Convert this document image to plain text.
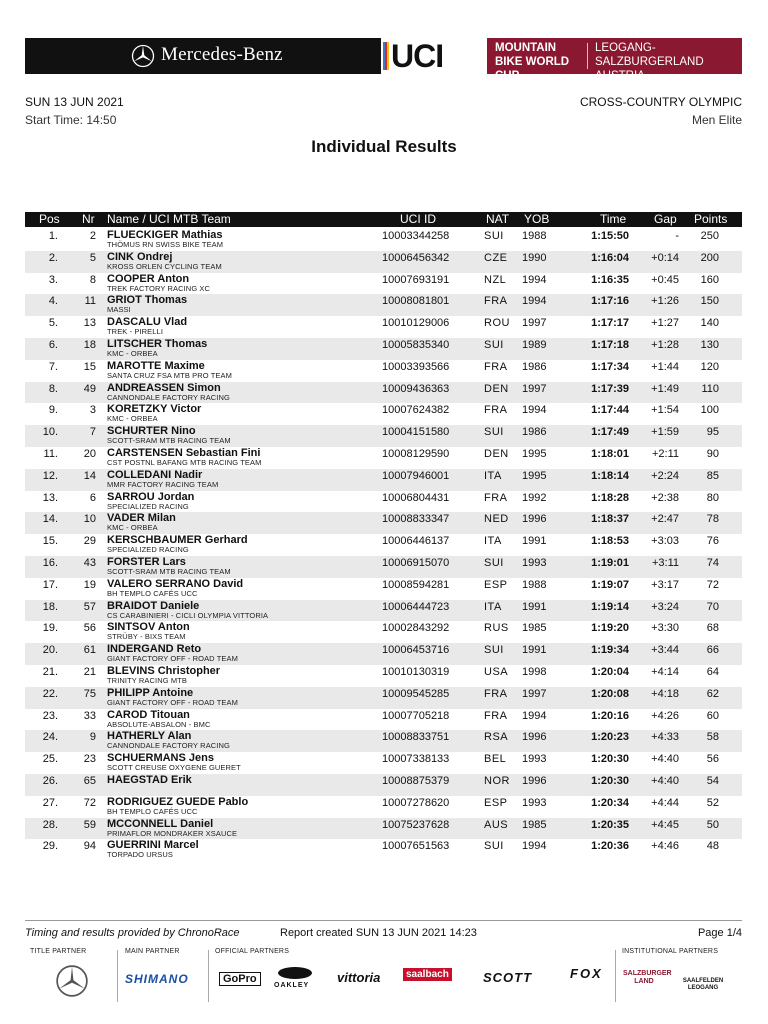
Mercedes-Benz	UCI	MOUNTAIN BIKE WORLD CUP
LEOGANG-SALZBURGERLAND AUSTRIA
SUN 13 JUN 2021
Start Time: 14:50
CROSS-COUNTRY OLYMPIC
Men Elite
Individual Results
Pos Nr Name / UCI MTB Team	UCI ID	NAT YOB	Time Gap Points
1.	2 FLUECKIGER Mathias
THÖMUS RN SWISS BIKE TEAM
10003344258	SUI 1988	1:15:50	- 250
2.	5 CINK Ondrej
KROSS ORLEN CYCLING TEAM
10006456342	CZE 1990	1:16:04 +0:14 200
3.	8 COOPER Anton
TREK FACTORY RACING XC
10007693191	NZL 1994	1:16:35 +0:45 160
4. 11 GRIOT Thomas
MASSI
10008081801	FRA 1994	1:17:16 +1:26 150
5. 13 DASCALU Vlad
TREK - PIRELLI
10010129006	ROU 1997	1:17:17 +1:27 140
6. 18 LITSCHER Thomas
KMC - ORBEA
10005835340	SUI 1989	1:17:18 +1:28 130
7. 15 MAROTTE Maxime
SANTA CRUZ FSA MTB PRO TEAM
10003393566	FRA 1986	1:17:34 +1:44 120
8. 49 ANDREASSEN Simon
CANNONDALE FACTORY RACING
10009436363	DEN 1997	1:17:39 +1:49 110
9.	3 KORETZKY Victor
KMC - ORBEA
10007624382	FRA 1994	1:17:44 +1:54 100
10.	7 SCHURTER Nino
SCOTT-SRAM MTB RACING TEAM
10004151580	SUI 1986	1:17:49 +1:59	95
11. 20 CARSTENSEN Sebastian Fini
CST POSTNL BAFANG MTB RACING TEAM
10008129590	DEN 1995	1:18:01 +2:11	90
12. 14 COLLEDANI Nadir
MMR FACTORY RACING TEAM
10007946001	ITA 1995	1:18:14 +2:24	85
13.	6 SARROU Jordan
SPECIALIZED RACING
10006804431	FRA 1992	1:18:28 +2:38	80
14. 10 VADER Milan
KMC - ORBEA
10008833347	NED 1996	1:18:37 +2:47	78
15. 29 KERSCHBAUMER Gerhard
SPECIALIZED RACING
10006446137	ITA 1991	1:18:53 +3:03	76
16. 43 FORSTER Lars
SCOTT-SRAM MTB RACING TEAM
10006915070	SUI 1993	1:19:01 +3:11	74
17. 19 VALERO SERRANO David
BH TEMPLO CAFÉS UCC
10008594281	ESP 1988	1:19:07 +3:17	72
18. 57 BRAIDOT Daniele
CS CARABINIERI - CICLI OLYMPIA VITTORIA
10006444723	ITA 1991	1:19:14 +3:24	70
19. 56 SINTSOV Anton
STRÜBY - BIXS TEAM
10002843292	RUS 1985	1:19:20 +3:30	68
20. 61 INDERGAND Reto
GIANT FACTORY OFF - ROAD TEAM
10006453716	SUI 1991	1:19:34 +3:44	66
21. 21 BLEVINS Christopher
TRINITY RACING MTB
10010130319	USA 1998	1:20:04 +4:14	64
22. 75 PHILIPP Antoine
GIANT FACTORY OFF - ROAD TEAM
10009545285	FRA 1997	1:20:08 +4:18	62
23. 33 CAROD Titouan
ABSOLUTE-ABSALON - BMC
10007705218	FRA 1994	1:20:16 +4:26	60
24.	9 HATHERLY Alan
CANNONDALE FACTORY RACING
10008833751	RSA 1996	1:20:23 +4:33	58
25. 23 SCHUERMANS Jens
SCOTT CREUSE OXYGENE GUERET
10007338133	BEL 1993	1:20:30 +4:40	56
26. 65 HAEGSTAD Erik	10008875379	NOR 1996	1:20:30 +4:40	54
27. 72 RODRIGUEZ GUEDE Pablo
BH TEMPLO CAFÉS UCC
10007278620	ESP 1993	1:20:34 +4:44	52
28. 59 MCCONNELL Daniel
PRIMAFLOR MONDRAKER XSAUCE
10075237628	AUS 1985	1:20:35 +4:45	50
29. 94 GUERRINI Marcel
TORPADO URSUS
10007651563	SUI 1994	1:20:36 +4:46	48
Timing and results provided by ChronoRace	Report created SUN 13 JUN 2021 14:23	Page 1/4
TITLE PARTNER	MAIN PARTNER	OFFICIAL PARTNERS	INSTITUTIONAL PARTNERS
SHIMANO	GoPro
OAKLEY
vittoria	saalbach	SCOTT	FOX	SALZBURGER LAND	SAALFELDEN LEOGANG
